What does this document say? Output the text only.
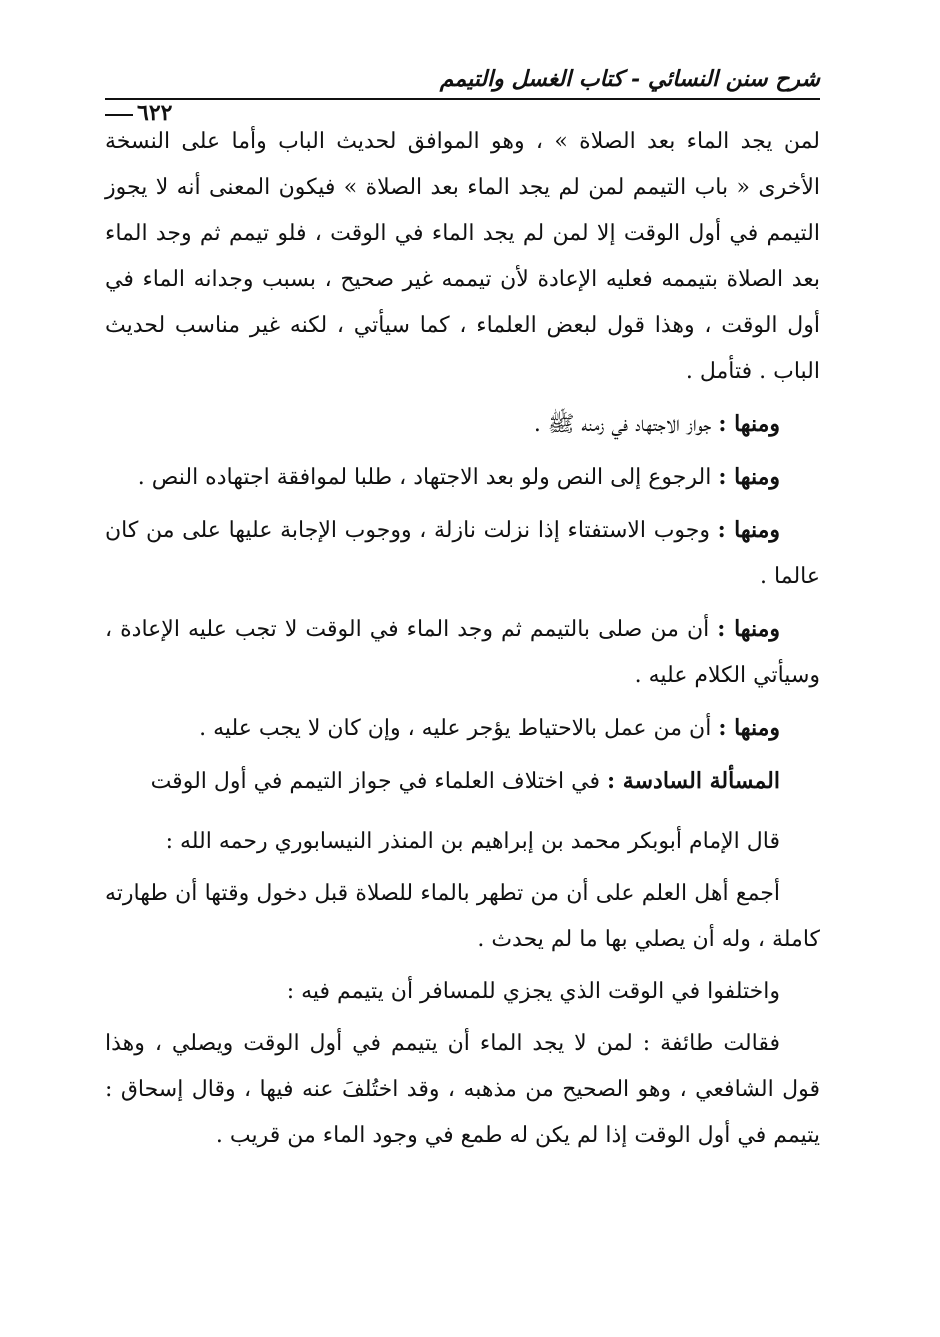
شرح سنن النسائي - كتاب الغسل والتيمم
٦٢٢

لمن يجد الماء بعد الصلاة » ، وهو الموافق لحديث الباب وأما على النسخة الأخرى « باب التيمم لمن لم يجد الماء بعد الصلاة » فيكون المعنى أنه لا يجوز التيمم في أول الوقت إلا لمن لم يجد الماء في الوقت ، فلو تيمم ثم وجد الماء بعد الصلاة بتيممه فعليه الإعادة لأن تيممه غير صحيح ، بسبب وجدانه الماء في أول الوقت ، وهذا قول لبعض العلماء ، كما سيأتي ، لكنه غير مناسب لحديث الباب . فتأمل .

ومنها : جواز الاجتهاد في زمنه ﷺ .

ومنها : الرجوع إلى النص ولو بعد الاجتهاد ، طلبا لموافقة اجتهاده النص .

ومنها : وجوب الاستفتاء إذا نزلت نازلة ، ووجوب الإجابة عليها على من كان عالما .

ومنها : أن من صلى بالتيمم ثم وجد الماء في الوقت لا تجب عليه الإعادة ، وسيأتي الكلام عليه .

ومنها : أن من عمل بالاحتياط يؤجر عليه ، وإن كان لا يجب عليه .

المسألة السادسة : في اختلاف العلماء في جواز التيمم في أول الوقت

قال الإمام أبوبكر محمد بن إبراهيم بن المنذر النيسابوري رحمه الله :

أجمع أهل العلم على أن من تطهر بالماء للصلاة قبل دخول وقتها أن طهارته كاملة ، وله أن يصلي بها ما لم يحدث .

واختلفوا في الوقت الذي يجزي للمسافر أن يتيمم فيه :

فقالت طائفة : لمن لا يجد الماء أن يتيمم في أول الوقت ويصلي ، وهذا قول الشافعي ، وهو الصحيح من مذهبه ، وقد اختُلفَ عنه فيها ، وقال إسحاق : يتيمم في أول الوقت إذا لم يكن له طمع في وجود الماء من قريب .
